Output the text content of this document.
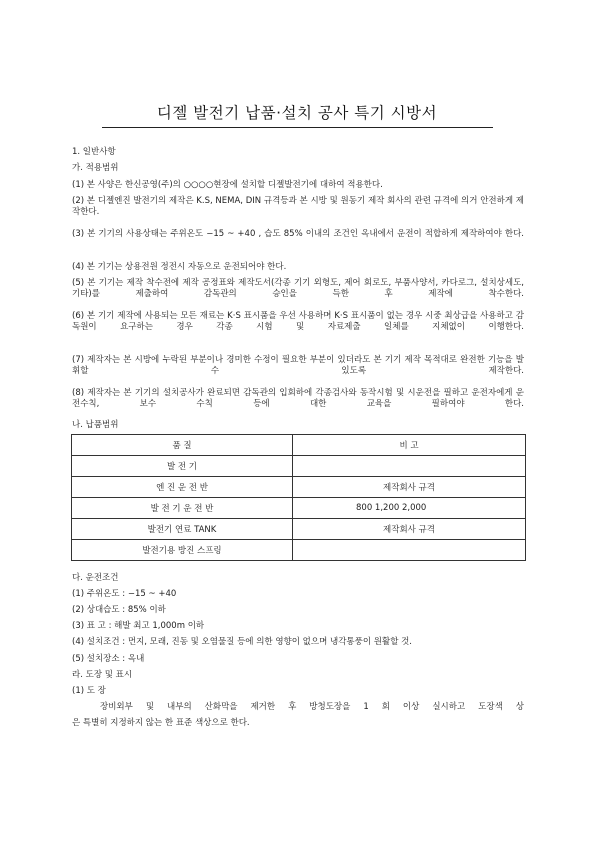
디젤 발전기 납품·설치 공사 특기 시방서
1. 일반사항
가. 적용범위
(1) 본 사양은 한신공영(주)의 ○○○○현장에 설치할 디젤발전기에 대하여 적용한다.
(2) 본 디젤엔진 발전기의 제작은 K.S, NEMA, DIN 규격등과 본 시방 및 원동기 제작 회사의 관련 규격에 의거 안전하게 제작한다.
(3) 본 기기의 사용상태는 주위온도 −15 ~ +40 , 습도 85% 이내의 조건인 옥내에서 운전이 적합하게 제작하여야 한다.
(4) 본 기기는 상용전원 정전시 자동으로 운전되어야 한다.
(5) 본 기기는 제작 착수전에 제작 공정표와 제작도서(각종 기기 외형도, 제어 회로도, 부품사양서, 카다로그, 설치상세도, 기타)를 제출하여 감독관의 승인을 득한 후 제작에 착수한다.
(6) 본 기기 제작에 사용되는 모든 재료는 K·S 표시품을 우선 사용하며 K·S 표시품이 없는 경우 시중 최상급을 사용하고 감독원이 요구하는 경우 각종 시험 및 자료제출 일체를 지체없이 이행한다.
(7) 제작자는 본 시방에 누락된 부분이나 경미한 수정이 필요한 부분이 있더라도 본 기기 제작 목적대로 완전한 기능을 발휘할 수 있도록 제작한다.
(8) 제작자는 본 기기의 설치공사가 완료되면 감독관의 입회하에 각종검사와 동작시험 및 시운전을 필하고 운전자에게 운전수칙, 보수 수칙 등에 대한 교육을 필하여야 한다.
나. 납품범위
품 질	비 고
발 전 기	
엔 진 운 전 반	제작회사 규격
발 전 기 운 전 반	800 1,200 2,000
발전기 연료 TANK	제작회사 규격
발전기용 방진 스프링	
다. 운전조건
(1) 주위온도 : −15 ~ +40
(2) 상대습도 : 85% 이하
(3) 표 고 : 해발 최고 1,000m 이하
(4) 설치조건 : 먼지, 모래, 진동 및 오염물질 등에 의한 영향이 없으며 냉각통풍이 원활할 것.
(5) 설치장소 : 옥내
라. 도장 및 표시
(1) 도 장
장비외부 및 내부의 산화막을 제거한 후 방청도장을 1 회 이상 실시하고 도장색 상
은 특별히 지정하지 않는 한 표준 색상으로 한다.
